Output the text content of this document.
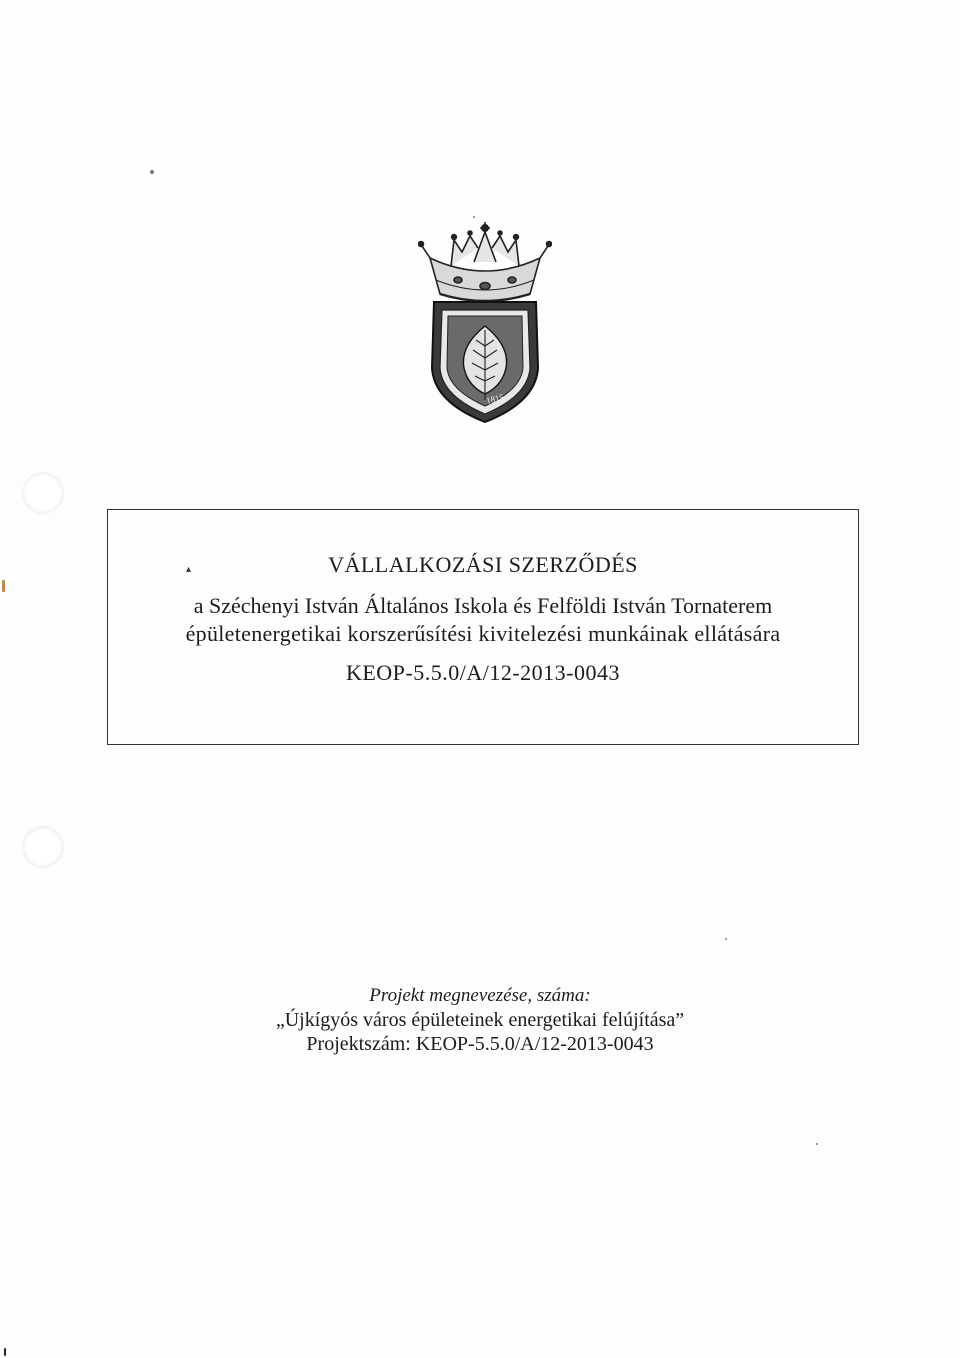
1815
▴	VÁLLALKOZÁSI SZERZŐDÉS
a Széchenyi István Általános Iskola és Felföldi István Tornaterem
épületenergetikai korszerűsítési kivitelezési munkáinak ellátására
KEOP-5.5.0/A/12-2013-0043
Projekt megnevezése, száma:
„Újkígyós város épületeinek energetikai felújítása”
Projektszám: KEOP-5.5.0/A/12-2013-0043
